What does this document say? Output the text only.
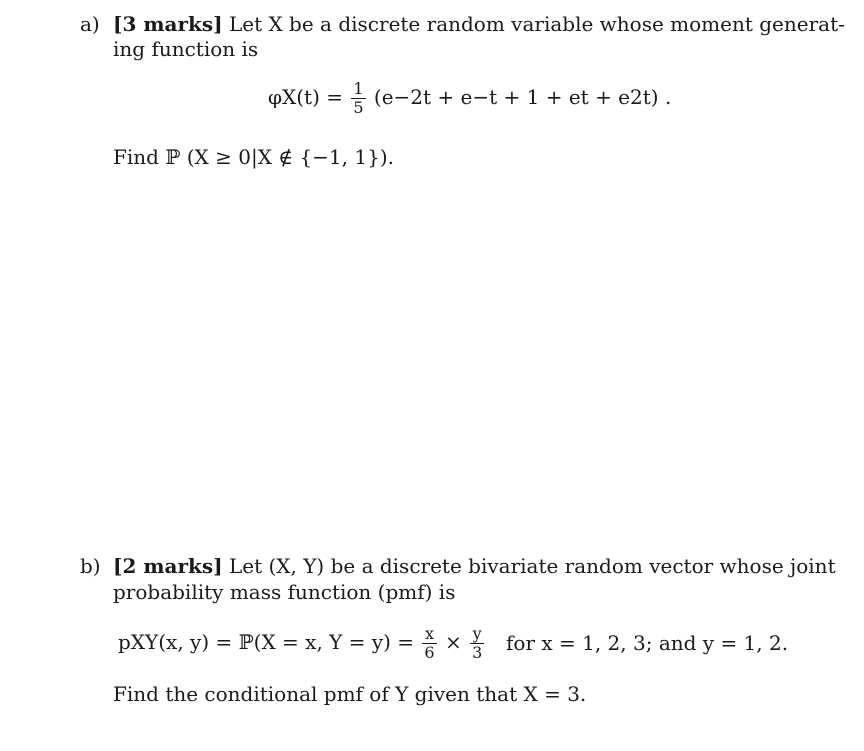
a) [3 marks] Let X be a discrete random variable whose moment generat-
ing function is
$\varphi X(t) = \frac{1}{5} (e-2t + e-t + 1$ + et + e2t) .
Find ℙ (X ≥ 0|X ∉ {−1, 1}).
b) [2 marks] Let (X, Y) be a discrete bivariate random vector whose joint
probability mass function (pmf) is
pXY(x, y) = ℙ(X = x, $Y = y) = \frac{x}{6} \times \frac{y}{3}$ for x = 1, 2, 3; and y = 1, 2.
Find the conditional pmf of Y given that X = 3.
